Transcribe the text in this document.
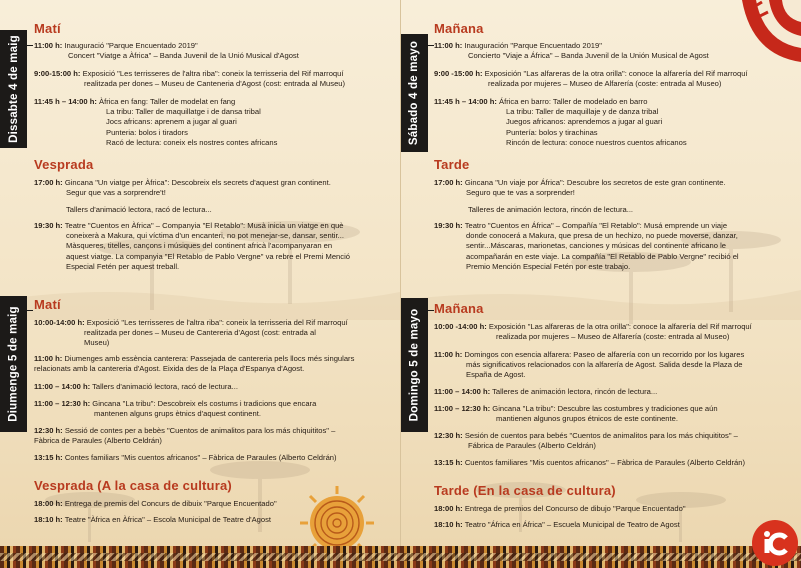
Dissabte 4 de maig
Matí
11:00 h: Inauguració "Parque Encuentado 2019"
Concert "Viatge a Àfrica" – Banda Juvenil de la Unió Musical d'Agost
9:00-15:00 h: Exposició "Les terrisseres de l'altra riba": coneix la terrisseria del Rif marroquí
realitzada per dones – Museu de Canteneria d'Agost (cost: entrada al Museu)
11:45 h – 14:00 h: Àfrica en fang: Taller de modelat en fang
La tribu: Taller de maquillatge i de dansa tribal
Jocs africans: aprenem a jugar al guari
Punteria: bolos i tiradors
Racó de lectura: coneix els nostres contes africans
Vesprada
17:00 h: Gincana "Un viatge per Àfrica": Descobreix els secrets d'aquest gran continent.
Segur que vas a sorprendre't!
Tallers d'animació lectora, racó de lectura...
19:30 h: Teatre "Cuentos en Àfrica" – Companyia "El Retablo": Musà inicia un viatge en què
coneixerà a Makura, qui víctima d'un encanteri, no pot menejar-se, dansar, sentir...
Màsqueres, titelles, cançons i músiques del continent africà l'acompanyaran en
aquest viatge. La companyia "El Retablo de Pablo Vergne" va rebre el Premi Menció
Especial Fetén per aquest treball.
Diumenge 5 de maig
Matí
10:00-14:00 h: Exposició "Les terrisseres de l'altra riba": coneix la terrisseria del Rif marroquí
realitzada per dones – Museu de Cantereria d'Agost (cost: entrada al
Museu)
11:00 h: Diumenges amb essència canterera: Passejada de cantereria pels llocs més singulars
relacionats amb la cantereria d'Agost. Eixida des de la Plaça d'Espanya d'Agost.
11:00 – 14:00 h: Tallers d'animació lectora, racó de lectura...
11:00 – 12:30 h: Gincana "La tribu": Descobreix els costums i tradicions que encara
mantenen alguns grups ètnics d'aquest continent.
12:30 h: Sessió de contes per a bebès "Cuentos de animalitos para los más chiquititos" –
Fàbrica de Paraules (Alberto Celdrán)
13:15 h: Contes familiars "Mis cuentos africanos" – Fàbrica de Paraules (Alberto Celdrán)
Vesprada (A la casa de cultura)
18:00 h: Entrega de premis del Concurs de dibuix "Parque Encuentado"
18:10 h: Teatre "Àfrica en Àfrica" – Escola Municipal de Teatre d'Agost
Sábado 4 de mayo
Mañana
11:00 h: Inauguración "Parque Encuentado 2019"
Concierto "Viaje a África" – Banda Juvenil de la Unión Musical de Agost
9:00 -15:00 h: Exposición "Las alfareras de la otra orilla": conoce la alfarería del Rif marroquí
realizada por mujeres – Museo de Alfarería (coste: entrada al Museo)
11:45 h – 14:00 h: África en barro: Taller de modelado en barro
La tribu: Taller de maquillaje y de danza tribal
Juegos africanos: aprendemos a jugar al guari
Puntería: bolos y tirachinas
Rincón de lectura: conoce nuestros cuentos africanos
Tarde
17:00 h: Gincana "Un viaje por África": Descubre los secretos de este gran continente.
Seguro que te vas a sorprender!
Talleres de animación lectora, rincón de lectura...
19:30 h: Teatro "Cuentos en África" – Compañía "El Retablo": Musá emprende un viaje
donde conocerá a Makura, que presa de un hechizo, no puede moverse, danzar,
sentir...Máscaras, marionetas, canciones y músicas del continente africano le
acompañarán en este viaje. La compañía "El Retablo de Pablo Vergne" recibió el
Premio Mención Especial Fetén por este trabajo.
Domingo 5 de mayo
Mañana
10:00 -14:00 h: Exposición "Las alfareras de la otra orilla": conoce la alfarería del Rif marroquí
realizada por mujeres – Museo de Alfarería (coste: entrada al Museo)
11:00 h: Domingos con esencia alfarera: Paseo de alfarería con un recorrido por los lugares
más significativos relacionados con la alfarería de Agost. Salida desde la Plaza de
España de Agost.
11:00 – 14:00 h: Talleres de animación lectora, rincón de lectura...
11:00 – 12:30 h: Gincana "La tribu": Descubre las costumbres y tradiciones que aún
mantienen algunos grupos étnicos de este continente.
12:30 h: Sesión de cuentos para bebés "Cuentos de animalitos para los más chiquititos" –
Fábrica de Paraules (Alberto Celdrán)
13:15 h: Cuentos familiares "Mis cuentos africanos" – Fàbrica de Paraules (Alberto Celdrán)
Tarde (En la casa de cultura)
18:00 h: Entrega de premios del Concurso de dibujo "Parque Encuentado"
18:10 h: Teatro "África en África" – Escuela Municipal de Teatro de Agost
